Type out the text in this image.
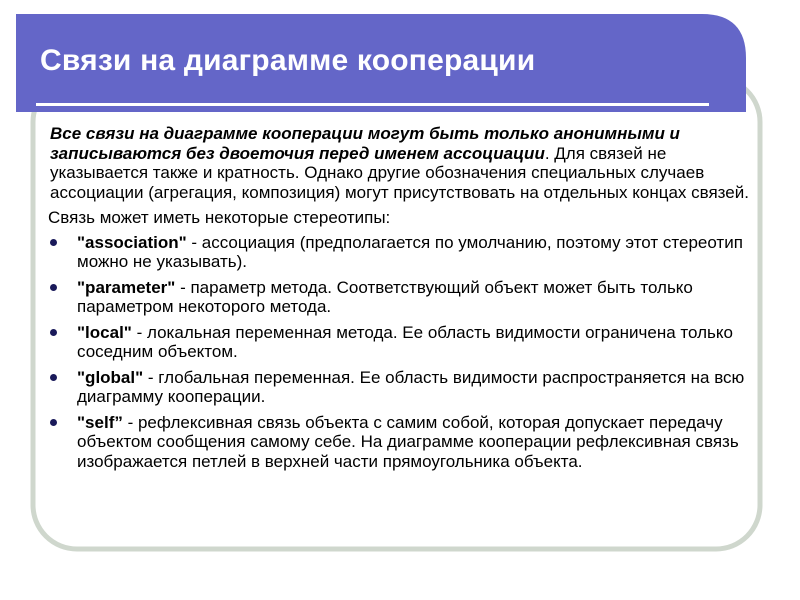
Связи на диаграмме кооперации

Все связи на диаграмме кооперации могут быть только анонимными и записываются без двоеточия перед именем ассоциации. Для связей не указывается также и кратность. Однако другие обозначения специальных случаев ассоциации (агрегация, композиция) могут присутствовать на отдельных концах связей.

Связь может иметь некоторые стереотипы:

"association" - ассоциация (предполагается по умолчанию, поэтому этот стереотип можно не указывать).
"parameter" - параметр метода. Соответствующий объект может быть только параметром некоторого метода.
"local" - локальная переменная метода. Ее область видимости ограничена только соседним объектом.
"global" - глобальная переменная. Ее область видимости распространяется на всю диаграмму кооперации.
"self” - рефлексивная связь объекта с самим собой, которая допускает передачу объектом сообщения самому себе. На диаграмме кооперации рефлексивная связь изображается петлей в верхней части прямоугольника объекта.
